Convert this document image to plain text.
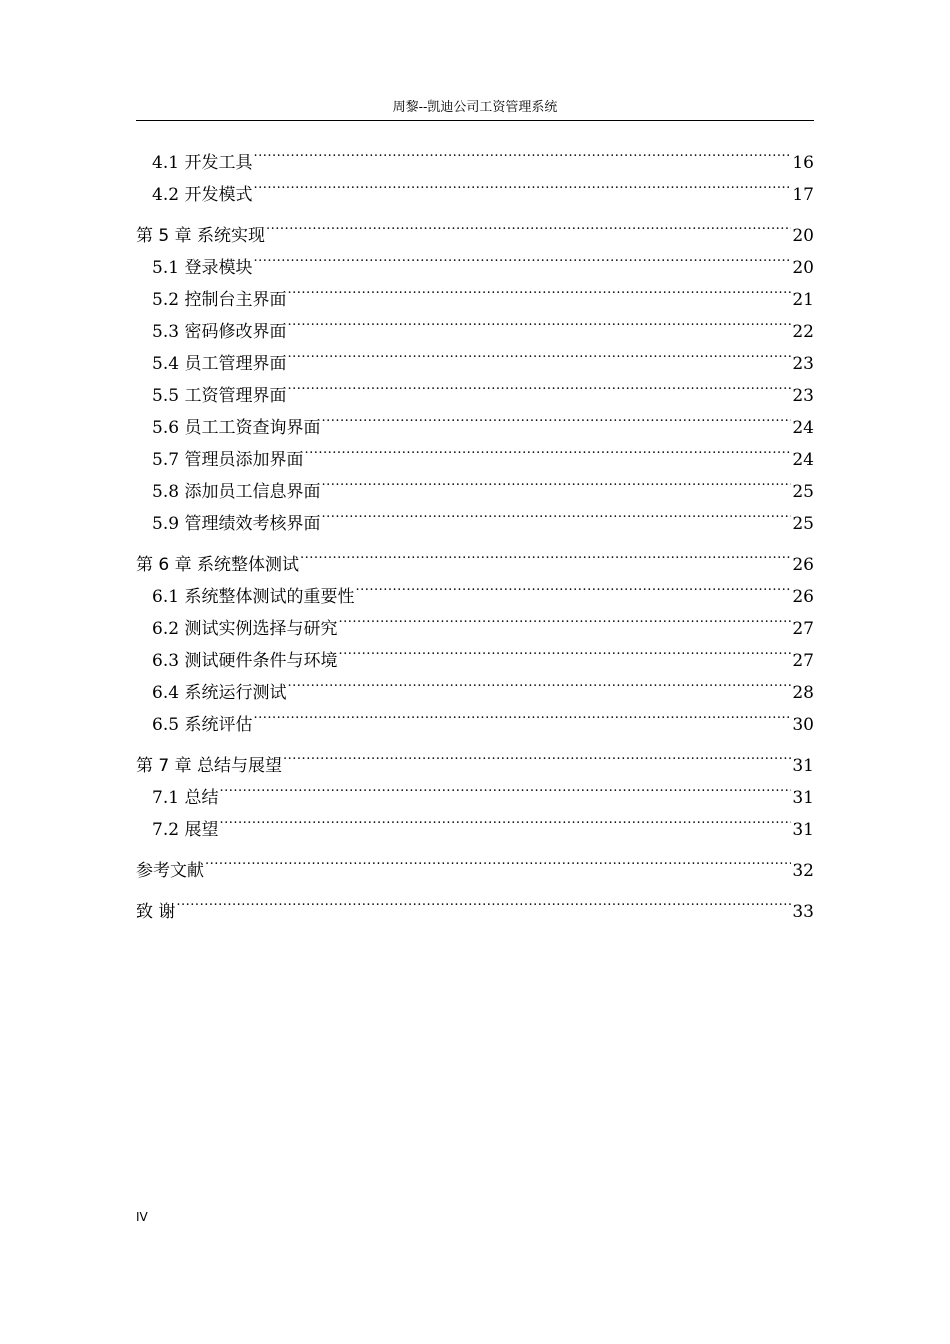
周黎--凯迪公司工资管理系统
4.1 开发工具 .....	16
4.2 开发模式 .....	17
第 5 章 系统实现 .....	20
5.1 登录模块 .....	20
5.2 控制台主界面 .....	21
5.3 密码修改界面 .....	22
5.4 员工管理界面 .....	23
5.5 工资管理界面 .....	23
5.6 员工工资查询界面 .....	24
5.7 管理员添加界面 .....	24
5.8 添加员工信息界面 .....	25
5.9 管理绩效考核界面 .....	25
第 6 章 系统整体测试 .....	26
6.1 系统整体测试的重要性 .....	26
6.2 测试实例选择与研究 .....	27
6.3 测试硬件条件与环境 .....	27
6.4 系统运行测试 .....	28
6.5 系统评估 .....	30
第 7 章 总结与展望 .....	31
7.1 总结 .....	31
7.2 展望 .....	31
参考文献 .....	32
致 谢 .....	33
IV
